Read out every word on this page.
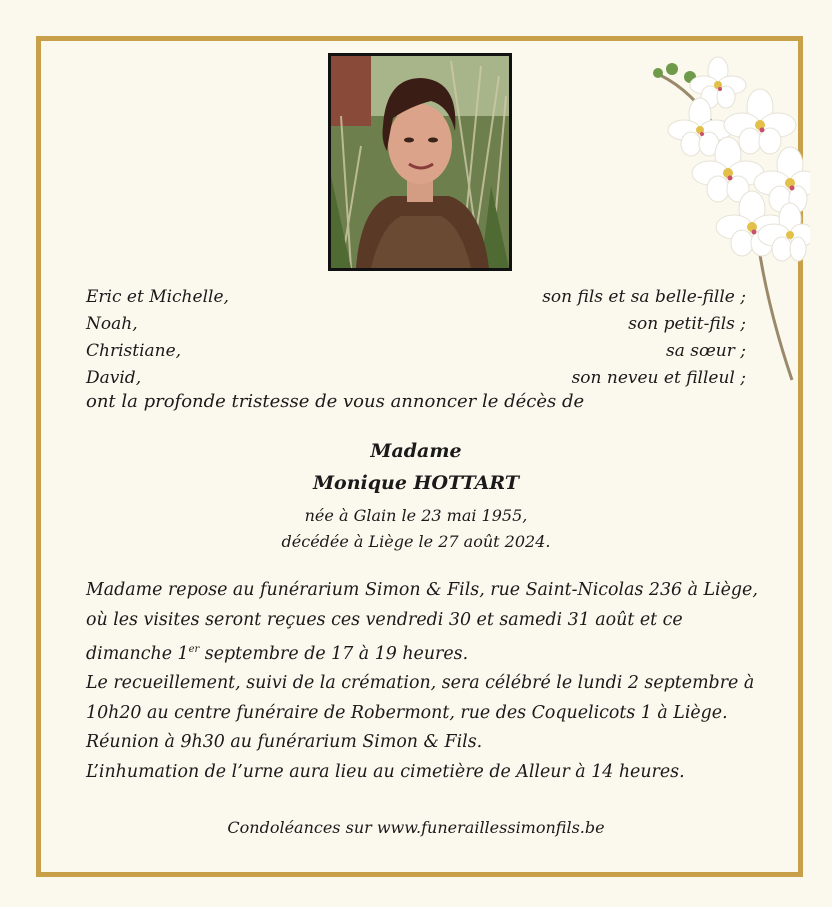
Eric et Michelle,	son fils et sa belle-fille ;
Noah,	son petit-fils ;
Christiane,	sa sœur ;
David,	son neveu et filleul ;
ont la profonde tristesse de vous annoncer le décès de
Madame
Monique HOTTART
née à Glain le 23 mai 1955,
décédée à Liège le 27 août 2024.

Madame repose au funérarium Simon & Fils, rue Saint-Nicolas 236 à Liège, où les visites seront reçues ces vendredi 30 et samedi 31 août et ce dimanche 1er septembre de 17 à 19 heures.

Le recueillement, suivi de la crémation, sera célébré le lundi 2 septembre à 10h20 au centre funéraire de Robermont, rue des Coquelicots 1 à Liège.

Réunion à 9h30 au funérarium Simon & Fils.

L’inhumation de l’urne aura lieu au cimetière de Alleur à 14 heures.

Condoléances sur www.funeraillessimonfils.be
